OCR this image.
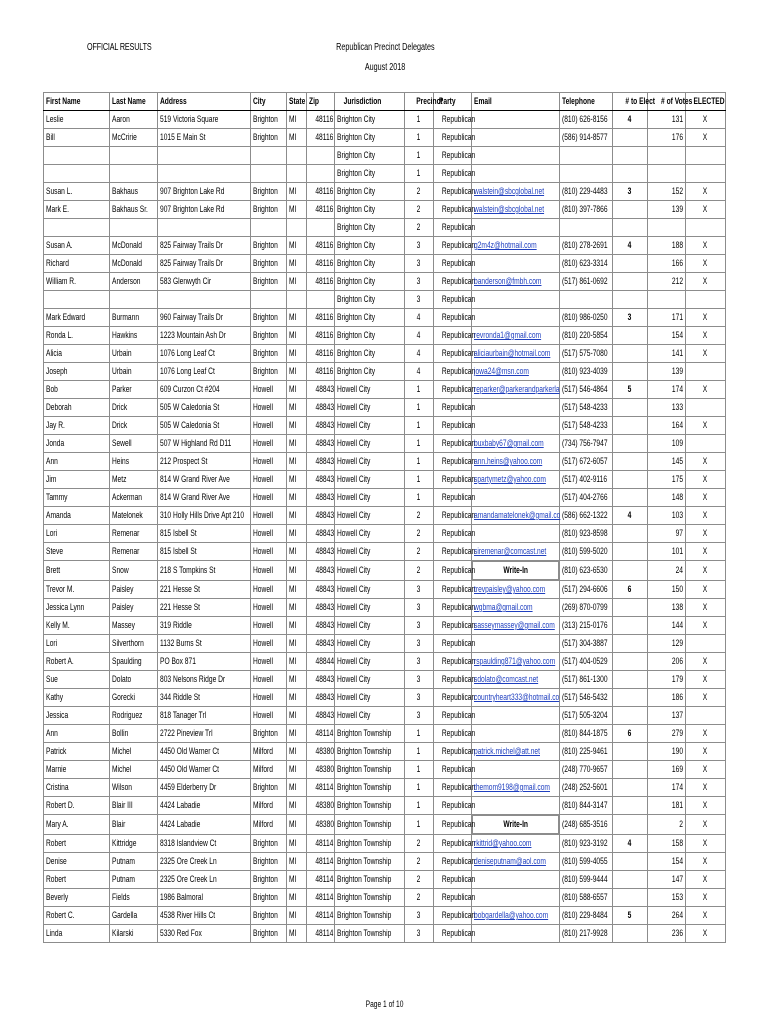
OFFICIAL RESULTS	Republican Precinct Delegates
August 2018
First Name	Last Name	Address	City	State	Zip	Jurisdiction	Precinct	Party	Email	Telephone	# to Elect	# of Votes	ELECTED
Leslie	Aaron	519 Victoria Square	Brighton	MI	48116	Brighton City	1	Republican		(810) 626-8156	4	131	X
Bill	McCririe	1015 E Main St	Brighton	MI	48116	Brighton City	1	Republican		(586) 914-8577		176	X
						Brighton City	1	Republican					
						Brighton City	1	Republican					
Susan L.	Bakhaus	907 Brighton Lake Rd	Brighton	MI	48116	Brighton City	2	Republican	walstein@sbcglobal.net	(810) 229-4483	3	152	X
Mark E.	Bakhaus Sr.	907 Brighton Lake Rd	Brighton	MI	48116	Brighton City	2	Republican	walstein@sbcglobal.net	(810) 397-7866		139	X
						Brighton City	2	Republican					
Susan A.	McDonald	825 Fairway Trails Dr	Brighton	MI	48116	Brighton City	3	Republican	g2m4z@hotmail.com	(810) 278-2691	4	188	X
Richard	McDonald	825 Fairway Trails Dr	Brighton	MI	48116	Brighton City	3	Republican		(810) 623-3314		166	X
William R.	Anderson	583 Glenwyth Cir	Brighton	MI	48116	Brighton City	3	Republican	banderson@fmbh.com	(517) 861-0692		212	X
						Brighton City	3	Republican					
Mark Edward	Burmann	960 Fairway Trails Dr	Brighton	MI	48116	Brighton City	4	Republican		(810) 986-0250	3	171	X
Ronda L.	Hawkins	1223 Mountain Ash Dr	Brighton	MI	48116	Brighton City	4	Republican	revronda1@gmail.com	(810) 220-5854		154	X
Alicia	Urbain	1076 Long Leaf Ct	Brighton	MI	48116	Brighton City	4	Republican	aliciaurbain@hotmail.com	(517) 575-7080		141	X
Joseph	Urbain	1076 Long Leaf Ct	Brighton	MI	48116	Brighton City	4	Republican	jowa24@msn.com	(810) 923-4039		139	
Bob	Parker	609 Curzon Ct #204	Howell	MI	48843	Howell City	1	Republican	reparker@parkerandparkerla	(517) 546-4864	5	174	X
Deborah	Drick	505 W Caledonia St	Howell	MI	48843	Howell City	1	Republican		(517) 548-4233		133	
Jay R.	Drick	505 W Caledonia St	Howell	MI	48843	Howell City	1	Republican		(517) 548-4233		164	X
Jonda	Sewell	507 W Highland Rd D11	Howell	MI	48843	Howell City	1	Republican	buxbaby67@gmail.com	(734) 756-7947		109	
Ann	Heins	212 Prospect St	Howell	MI	48843	Howell City	1	Republican	ann.heins@yahoo.com	(517) 672-6057		145	X
Jim	Metz	814 W Grand River Ave	Howell	MI	48843	Howell City	1	Republican	spartymetz@yahoo.com	(517) 402-9116		175	X
Tammy	Ackerman	814 W Grand River Ave	Howell	MI	48843	Howell City	1	Republican		(517) 404-2766		148	X
Amanda	Matelonek	310 Holly Hills Drive Apt 210	Howell	MI	48843	Howell City	2	Republican	amandamatelonek@gmail.co	(586) 662-1322	4	103	X
Lori	Remenar	815 Isbell St	Howell	MI	48843	Howell City	2	Republican		(810) 923-8598		97	X
Steve	Remenar	815 Isbell St	Howell	MI	48843	Howell City	2	Republican	siremenar@comcast.net	(810) 599-5020		101	X
Brett	Snow	218 S Tompkins St	Howell	MI	48843	Howell City	2	Republican		Write-In	(810) 623-6530		24	X
Trevor M.	Paisley	221 Hesse St	Howell	MI	48843	Howell City	3	Republican	trevpaisley@yahoo.com	(517) 294-6606	6	150	X
Jessica Lynn	Paisley	221 Hesse St	Howell	MI	48843	Howell City	3	Republican	wgbma@gmail.com	(269) 870-0799		138	X
Kelly M.	Massey	319 Riddle	Howell	MI	48843	Howell City	3	Republican	sasseymassey@gmail.com	(313) 215-0176		144	X
Lori	Silverthorn	1132 Burns St	Howell	MI	48843	Howell City	3	Republican		(517) 304-3887		129	
Robert A.	Spaulding	PO Box 871	Howell	MI	48844	Howell City	3	Republican	rspaulding871@yahoo.com	(517) 404-0529		206	X
Sue	Dolato	803 Nelsons Ridge Dr	Howell	MI	48843	Howell City	3	Republican	sdolato@comcast.net	(517) 861-1300		179	X
Kathy	Gorecki	344 Riddle St	Howell	MI	48843	Howell City	3	Republican	countryheart333@hotmail.co	(517) 546-5432		186	X
Jessica	Rodriguez	818 Tanager Trl	Howell	MI	48843	Howell City	3	Republican		(517) 505-3204		137	
Ann	Bollin	2722 Pineview Trl	Brighton	MI	48114	Brighton Township	1	Republican		(810) 844-1875	6	279	X
Patrick	Michel	4450 Old Warner Ct	Milford	MI	48380	Brighton Township	1	Republican	patrick.michel@att.net	(810) 225-9461		190	X
Marnie	Michel	4450 Old Warner Ct	Milford	MI	48380	Brighton Township	1	Republican		(248) 770-9657		169	X
Cristina	Wilson	4459 Elderberry Dr	Brighton	MI	48114	Brighton Township	1	Republican	themom9198@gmail.com	(248) 252-5601		174	X
Robert D.	Blair III	4424 Labadie	Milford	MI	48380	Brighton Township	1	Republican		(810) 844-3147		181	X
Mary A.	Blair	4424 Labadie	Milford	MI	48380	Brighton Township	1	Republican		Write-In	(248) 685-3516		2	X
Robert	Kittridge	8318 Islandview Ct	Brighton	MI	48114	Brighton Township	2	Republican	rkittrid@yahoo.com	(810) 923-3192	4	158	X
Denise	Putnam	2325 Ore Creek Ln	Brighton	MI	48114	Brighton Township	2	Republican	deniseputnam@aol.com	(810) 599-4055		154	X
Robert	Putnam	2325 Ore Creek Ln	Brighton	MI	48114	Brighton Township	2	Republican		(810) 599-9444		147	X
Beverly	Fields	1986 Balmoral	Brighton	MI	48114	Brighton Township	2	Republican		(810) 588-6557		153	X
Robert C.	Gardella	4538 River Hills Ct	Brighton	MI	48114	Brighton Township	3	Republican	bobgardella@yahoo.com	(810) 229-8484	5	264	X
Linda	Kilarski	5330 Red Fox	Brighton	MI	48114	Brighton Township	3	Republican		(810) 217-9928		236	X
Page 1 of 10
